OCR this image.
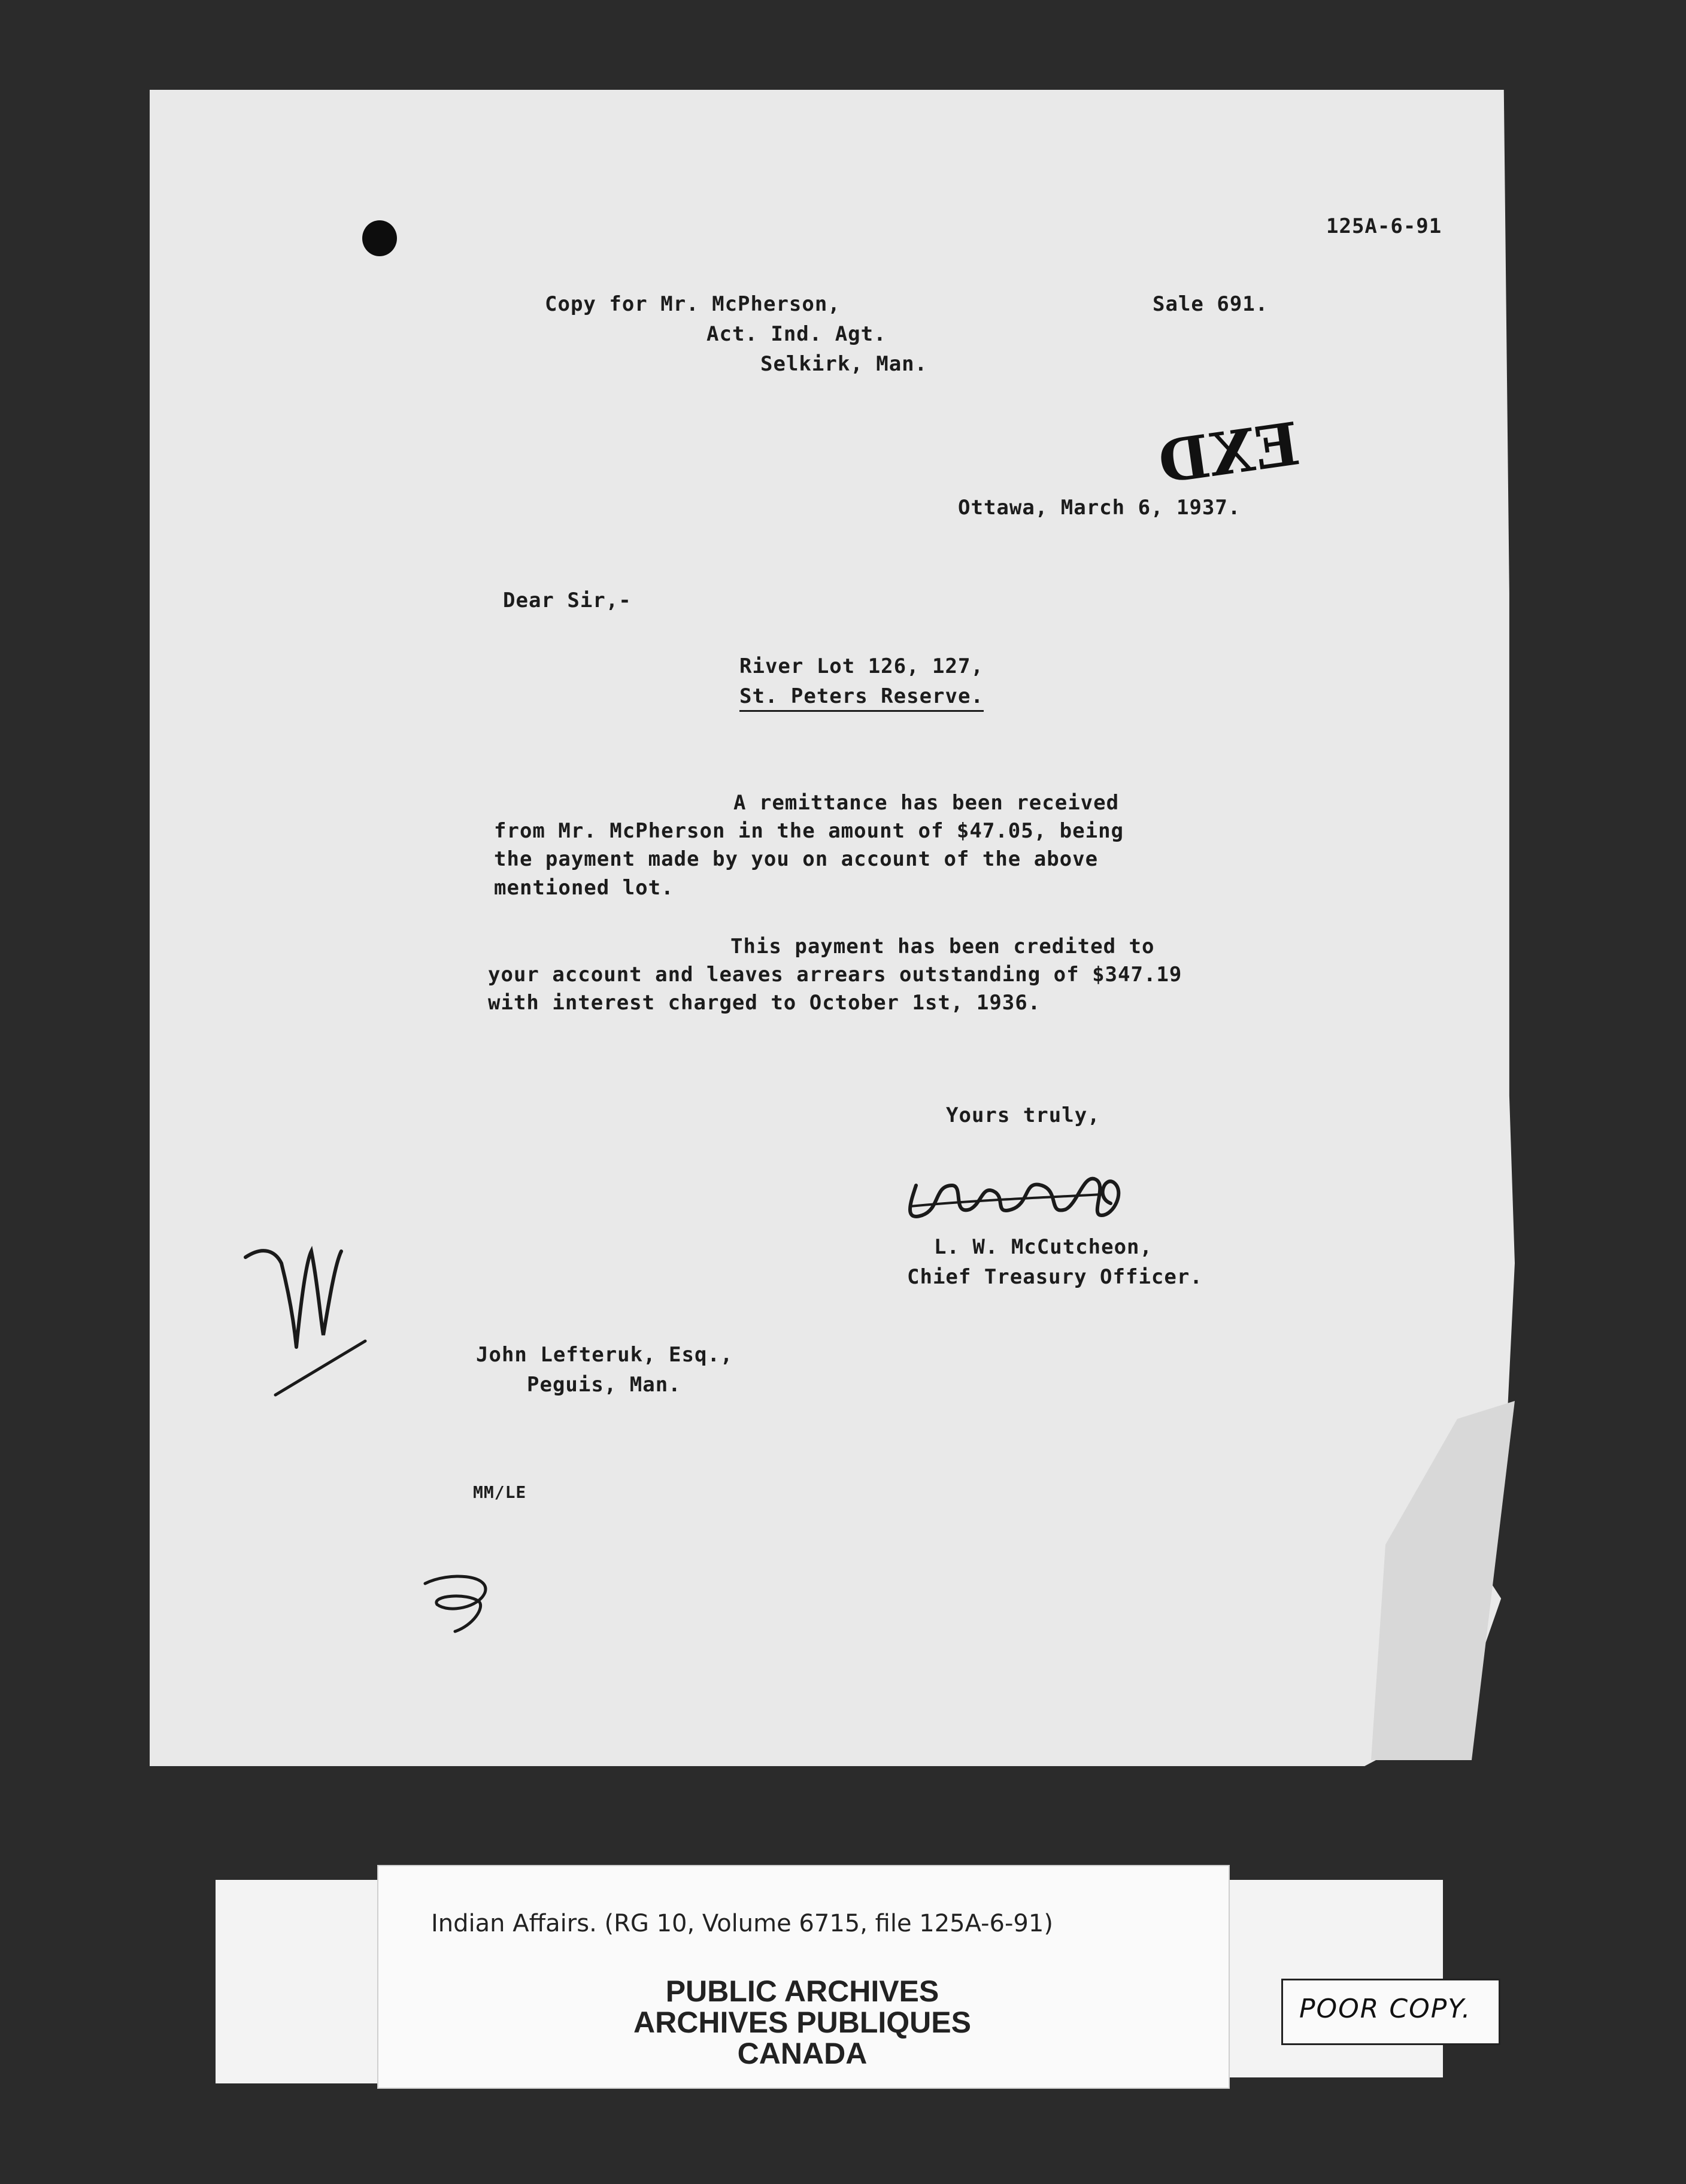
125A-6-91
Copy for Mr. McPherson,
Act. Ind. Agt.
Selkirk, Man.
Sale 691.
EXD
Ottawa, March 6, 1937.
Dear Sir,-
River Lot 126, 127,
St. Peters Reserve.
A remittance has been received
from Mr. McPherson in the amount of $47.05, being
the payment made by you on account of the above
mentioned lot.
This payment has been credited to
your account and leaves arrears outstanding of $347.19
with interest charged to October 1st, 1936.
Yours truly,
L. W. McCutcheon,
Chief Treasury Officer.
John Lefteruk, Esq.,
Peguis, Man.
MM/LE
Indian Affairs. (RG 10, Volume 6715, file 125A-6-91)
PUBLIC ARCHIVES
ARCHIVES PUBLIQUES
CANADA
POOR COPY.
